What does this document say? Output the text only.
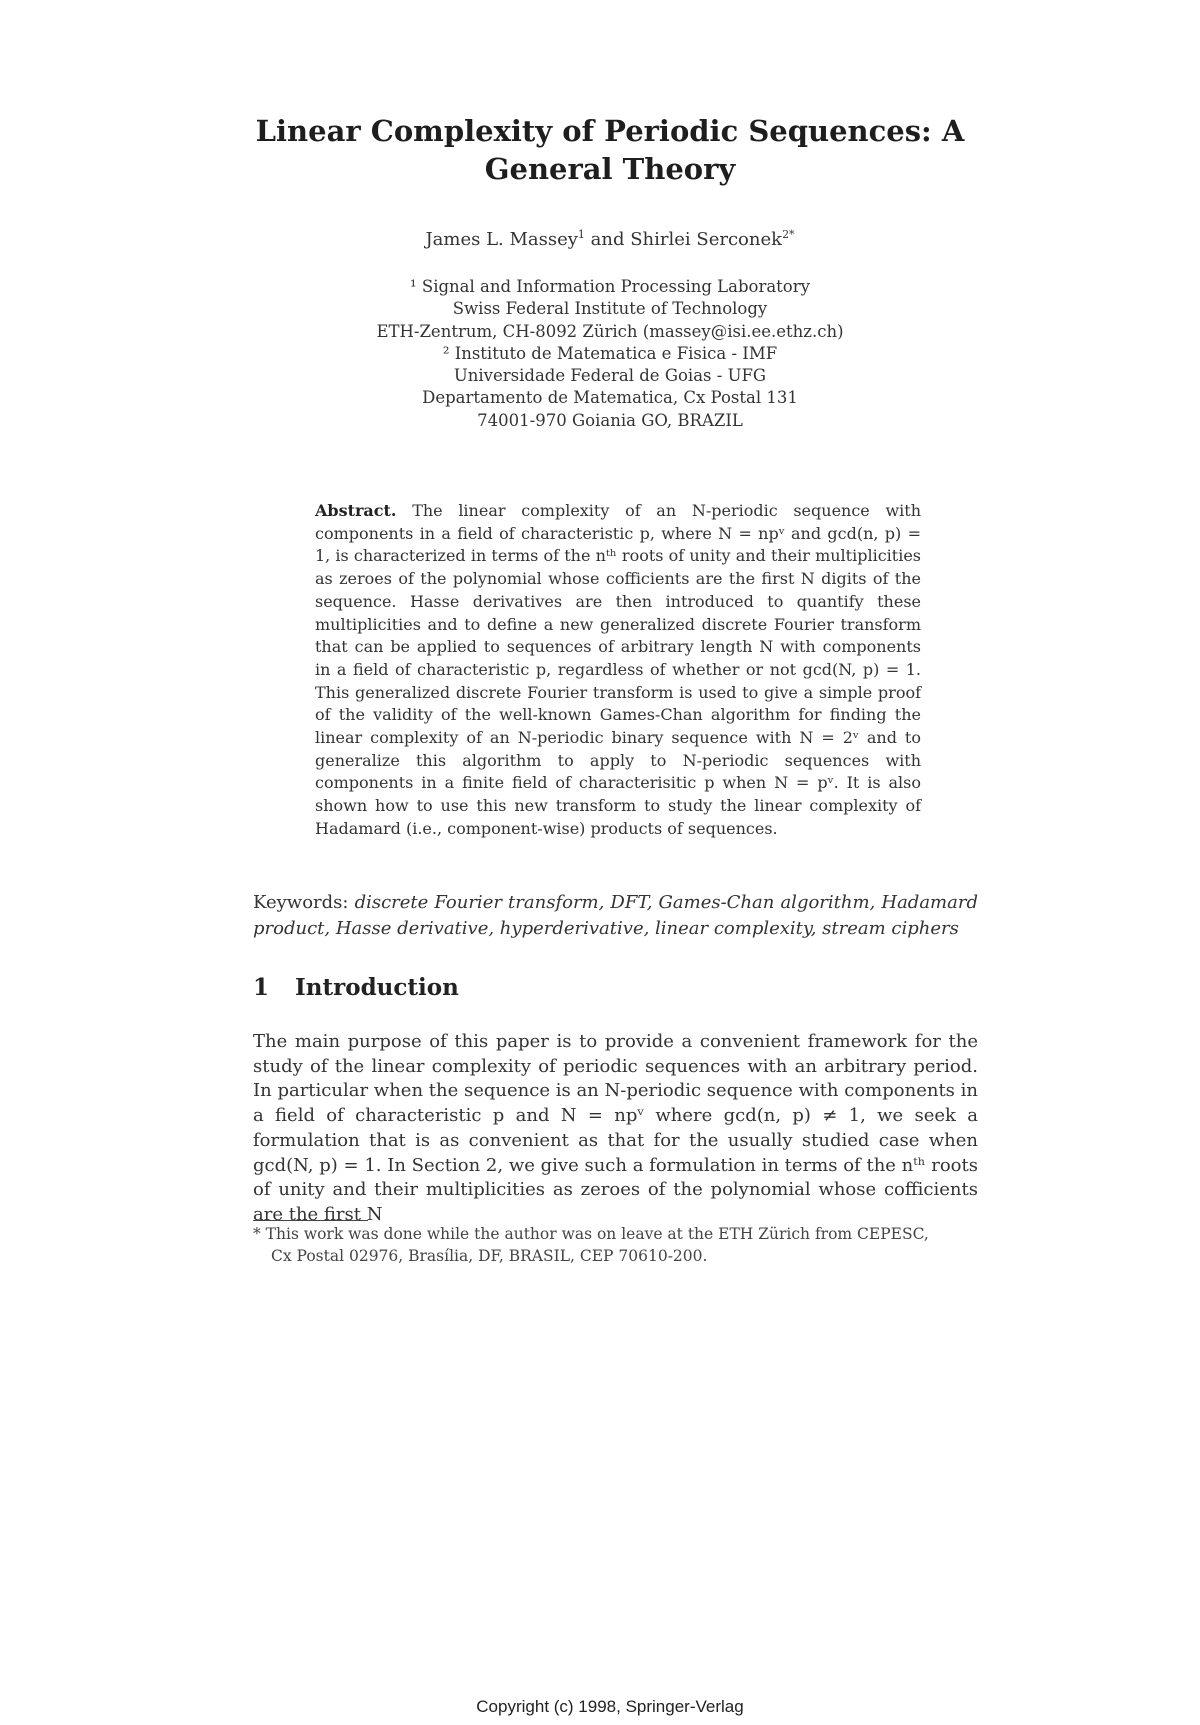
Linear Complexity of Periodic Sequences: A General Theory
James L. Massey$^1$ and Shirlei Serconek$^{2*}$
¹ Signal and Information Processing Laboratory
Swiss Federal Institute of Technology
ETH-Zentrum, CH-8092 Zürich (massey@isi.ee.ethz.ch)
² Instituto de Matematica e Fisica - IMF
Universidade Federal de Goias - UFG
Departamento de Matematica, Cx Postal 131
74001-970 Goiania GO, BRAZIL
Abstract. The linear complexity of an N-periodic sequence with components in a field of characteristic p, where N = npᵛ and gcd(n, p) = 1, is characterized in terms of the nᵗʰ roots of unity and their multiplicities as zeroes of the polynomial whose cofficients are the first N digits of the sequence. Hasse derivatives are then introduced to quantify these multiplicities and to define a new generalized discrete Fourier transform that can be applied to sequences of arbitrary length N with components in a field of characteristic p, regardless of whether or not gcd(N, p) = 1. This generalized discrete Fourier transform is used to give a simple proof of the validity of the well-known Games-Chan algorithm for finding the linear complexity of an N-periodic binary sequence with N = 2ᵛ and to generalize this algorithm to apply to N-periodic sequences with components in a finite field of characterisitic p when N = pᵛ. It is also shown how to use this new transform to study the linear complexity of Hadamard (i.e., component-wise) products of sequences.
Keywords: discrete Fourier transform, DFT, Games-Chan algorithm, Hadamard product, Hasse derivative, hyperderivative, linear complexity, stream ciphers
1 Introduction
The main purpose of this paper is to provide a convenient framework for the study of the linear complexity of periodic sequences with an arbitrary period. In particular when the sequence is an N-periodic sequence with components in a field of characteristic p and N = npᵛ where gcd(n, p) ≠ 1, we seek a formulation that is as convenient as that for the usually studied case when gcd(N, p) = 1. In Section 2, we give such a formulation in terms of the nᵗʰ roots of unity and their multiplicities as zeroes of the polynomial whose cofficients are the first N
* This work was done while the author was on leave at the ETH Zürich from CEPESC,
Cx Postal 02976, Brasília, DF, BRASIL, CEP 70610-200.
Copyright (c) 1998, Springer-Verlag
